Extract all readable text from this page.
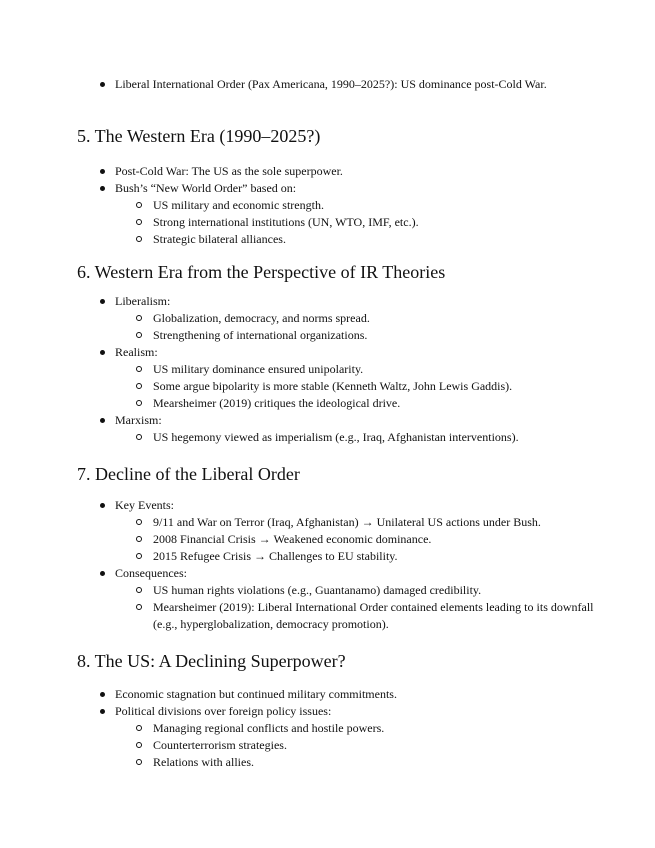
Liberal International Order (Pax Americana, 1990–2025?): US dominance post-Cold War.
5. The Western Era (1990–2025?)
Post-Cold War: The US as the sole superpower.
Bush’s “New World Order” based on:
US military and economic strength.
Strong international institutions (UN, WTO, IMF, etc.).
Strategic bilateral alliances.
6. Western Era from the Perspective of IR Theories
Liberalism:
Globalization, democracy, and norms spread.
Strengthening of international organizations.
Realism:
US military dominance ensured unipolarity.
Some argue bipolarity is more stable (Kenneth Waltz, John Lewis Gaddis).
Mearsheimer (2019) critiques the ideological drive.
Marxism:
US hegemony viewed as imperialism (e.g., Iraq, Afghanistan interventions).
7. Decline of the Liberal Order
Key Events:
9/11 and War on Terror (Iraq, Afghanistan) → Unilateral US actions under Bush.
2008 Financial Crisis → Weakened economic dominance.
2015 Refugee Crisis → Challenges to EU stability.
Consequences:
US human rights violations (e.g., Guantanamo) damaged credibility.
Mearsheimer (2019): Liberal International Order contained elements leading to its downfall (e.g., hyperglobalization, democracy promotion).
8. The US: A Declining Superpower?
Economic stagnation but continued military commitments.
Political divisions over foreign policy issues:
Managing regional conflicts and hostile powers.
Counterterrorism strategies.
Relations with allies.
